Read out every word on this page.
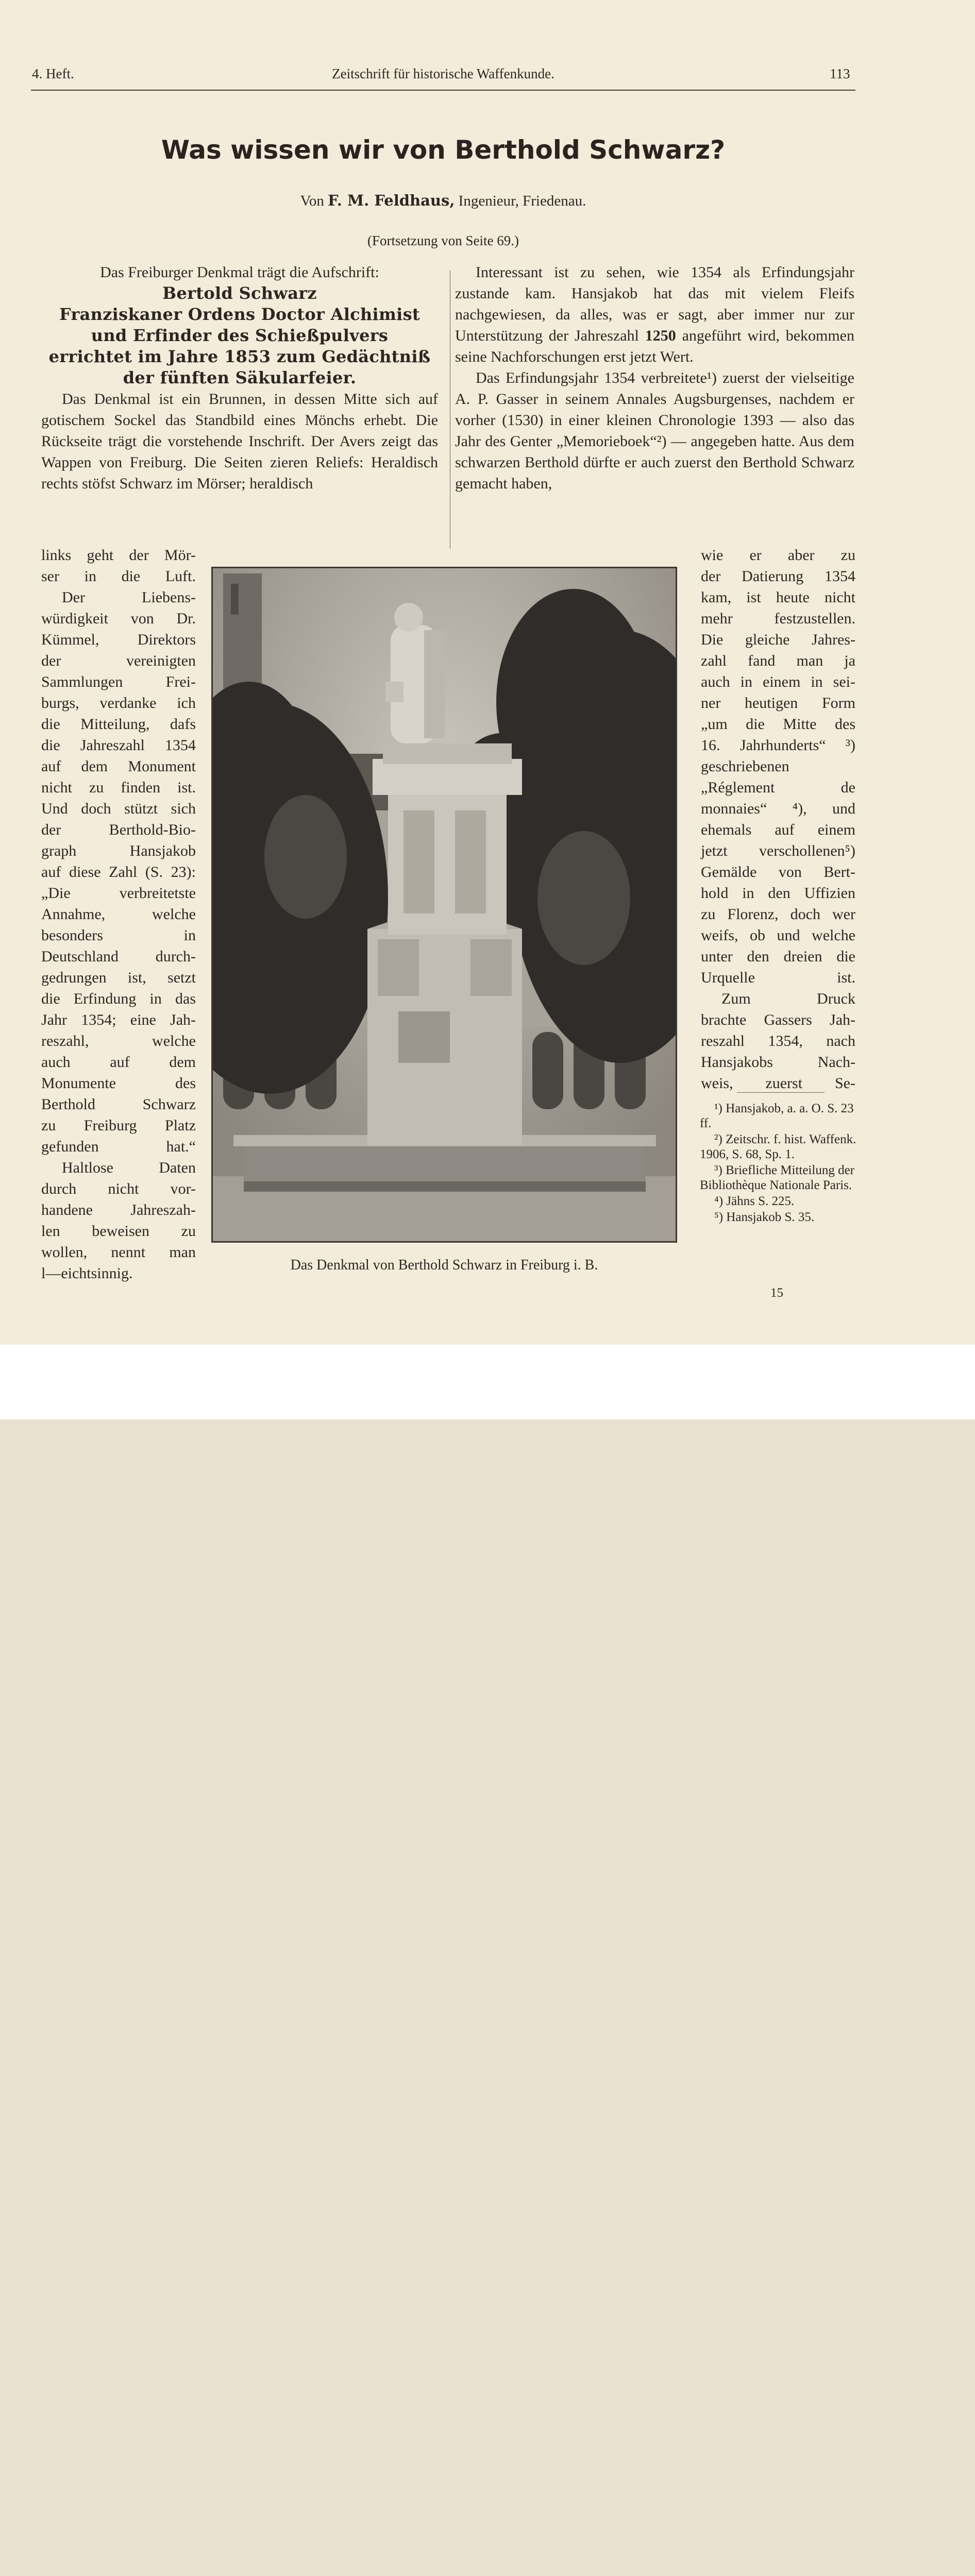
4. Heft.	Zeitschrift für historische Waffenkunde.	113
Was wissen wir von Berthold Schwarz?
Von F. M. Feldhaus, Ingenieur, Friedenau.
(Fortsetzung von Seite 69.)

Das Freiburger Denkmal trägt die Aufschrift:

Bertold Schwarz
Franziskaner Ordens Doctor Alchimist
und Erfinder des Schießpulvers
errichtet im Jahre 1853 zum Gedächtniß
der fünften Säkularfeier.

Das Denkmal ist ein Brunnen, in dessen Mitte sich auf gotischem Sockel das Standbild eines Mönchs erhebt. Die Rückseite trägt die vorstehende Inschrift. Der Avers zeigt das Wappen von Freiburg. Die Seiten zieren Reliefs: Heraldisch rechts stöfst Schwarz im Mörser; heraldisch

links geht der Mör-
ser in die Luft.
Der Liebens-
würdigkeit von Dr.
Kümmel, Direktors
der vereinigten
Sammlungen Frei-
burgs, verdanke ich
die Mitteilung, dafs
die Jahreszahl 1354
auf dem Monument
nicht zu finden ist.
Und doch stützt sich
der Berthold-Bio-
graph Hansjakob
auf diese Zahl (S. 23):
„Die verbreitetste
Annahme, welche
besonders in
Deutschland durch-
gedrungen ist, setzt
die Erfindung in das
Jahr 1354; eine Jah-
reszahl, welche
auch auf dem
Monumente des
Berthold Schwarz
zu Freiburg Platz
gefunden hat.“
Haltlose Daten
durch nicht vor-
handene Jahreszah-
len beweisen zu
wollen, nennt man
l—eichtsinnig.

Interessant ist zu sehen, wie 1354 als Erfindungsjahr zustande kam. Hansjakob hat das mit vielem Fleifs nachgewiesen, da alles, was er sagt, aber immer nur zur Unterstützung der Jahreszahl 1250 angeführt wird, bekommen seine Nachforschungen erst jetzt Wert.

Das Erfindungsjahr 1354 verbreitete¹) zuerst der vielseitige A. P. Gasser in seinem Annales Augsburgenses, nachdem er vorher (1530) in einer kleinen Chronologie 1393 — also das Jahr des Genter „Memorieboek“²) — angegeben hatte. Aus dem schwarzen Berthold dürfte er auch zuerst den Berthold Schwarz gemacht haben,

wie er aber zu
der Datierung 1354
kam, ist heute nicht
mehr festzustellen.
Die gleiche Jahres-
zahl fand man ja
auch in einem in sei-
ner heutigen Form
„um die Mitte des
16. Jahrhunderts“ ³)
geschriebenen
„Réglement de
monnaies“ ⁴), und
ehemals auf einem
jetzt verschollenen⁵)
Gemälde von Bert-
hold in den Uffizien
zu Florenz, doch wer
weifs, ob und welche
unter den dreien die
Urquelle ist.
Zum Druck
brachte Gassers Jah-
reszahl 1354, nach
Hansjakobs Nach-
weis, zuerst Se-
Das Denkmal von Berthold Schwarz in Freiburg i. B.

¹) Hansjakob, a. a. O. S. 23 ff.

²) Zeitschr. f. hist. Waffenk. 1906, S. 68, Sp. 1.

³) Briefliche Mitteilung der Bibliothèque Nationale Paris.

⁴) Jähns S. 225.

⁵) Hansjakob S. 35.

15
